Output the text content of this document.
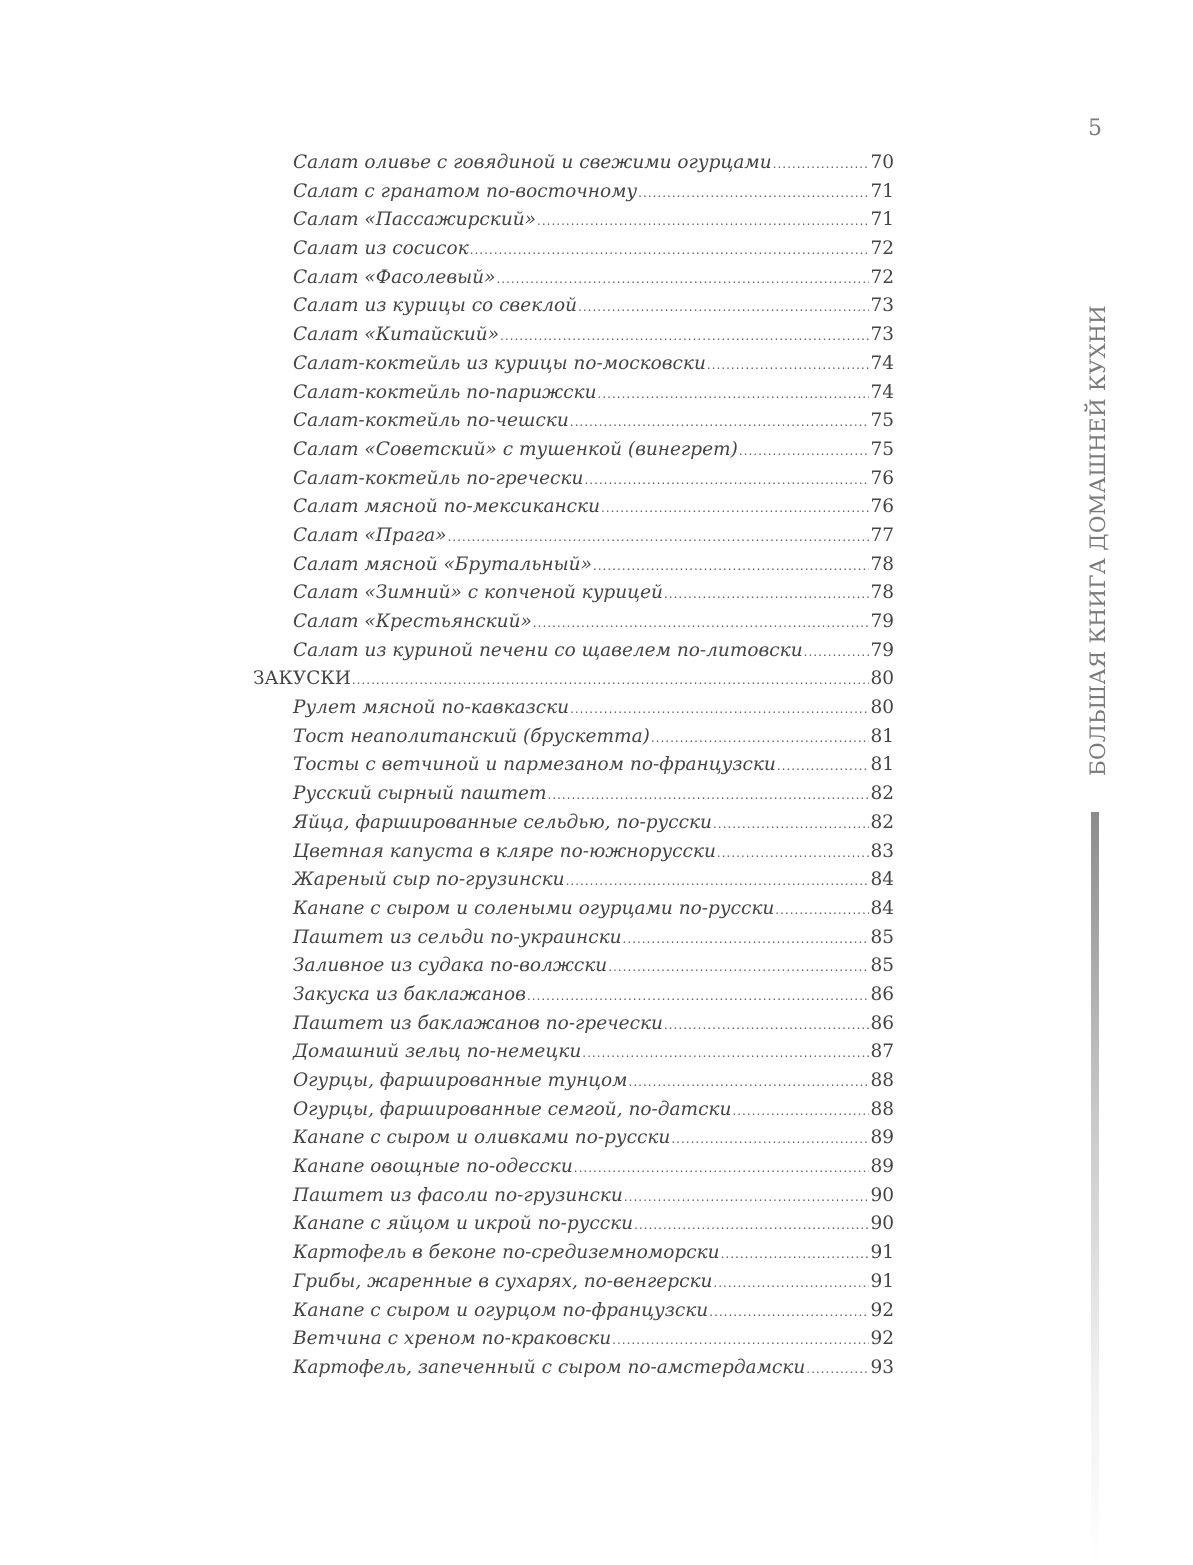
5
БОЛЬШАЯ КНИГА ДОМАШНЕЙ КУХНИ
Салат оливье с говядиной и свежими огурцами .....	70
Салат с гранатом по-восточному .....	71
Салат «Пассажирский» .....	71
Салат из сосисок .....	72
Салат «Фасолевый» .....	72
Салат из курицы со свеклой .....	73
Салат «Китайский» .....	73
Салат-коктейль из курицы по-московски .....	74
Салат-коктейль по-парижски .....	74
Салат-коктейль по-чешски .....	75
Салат «Советский» с тушенкой (винегрет) .....	75
Салат-коктейль по-гречески .....	76
Салат мясной по-мексикански .....	76
Салат «Прага» .....	77
Салат мясной «Брутальный» .....	78
Салат «Зимний» с копченой курицей .....	78
Салат «Крестьянский» .....	79
Салат из куриной печени со щавелем по-литовски .....	79
ЗАКУСКИ .....	80
Рулет мясной по-кавказски .....	80
Тост неаполитанский (брускетта) .....	81
Тосты с ветчиной и пармезаном по-французски .....	81
Русский сырный паштет .....	82
Яйца, фаршированные сельдью, по-русски .....	82
Цветная капуста в кляре по-южнорусски .....	83
Жареный сыр по-грузински .....	84
Канапе с сыром и солеными огурцами по-русски .....	84
Паштет из сельди по-украински .....	85
Заливное из судака по-волжски .....	85
Закуска из баклажанов .....	86
Паштет из баклажанов по-гречески .....	86
Домашний зельц по-немецки .....	87
Огурцы, фаршированные тунцом .....	88
Огурцы, фаршированные семгой, по-датски .....	88
Канапе с сыром и оливками по-русски .....	89
Канапе овощные по-одесски .....	89
Паштет из фасоли по-грузински .....	90
Канапе с яйцом и икрой по-русски .....	90
Картофель в беконе по-средиземноморски .....	91
Грибы, жаренные в сухарях, по-венгерски .....	91
Канапе с сыром и огурцом по-французски .....	92
Ветчина с хреном по-краковски .....	92
Картофель, запеченный с сыром по-амстердамски .....	93
